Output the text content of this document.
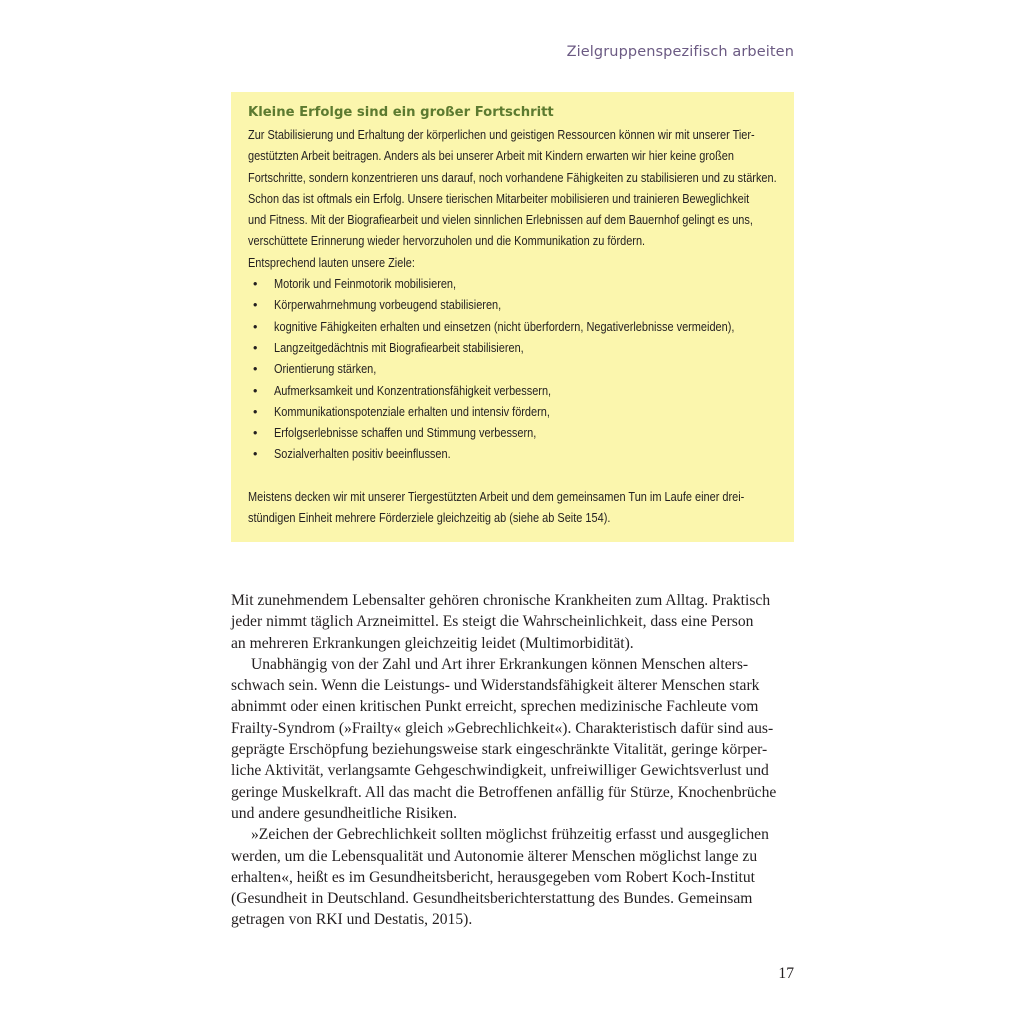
Zielgruppenspezifisch arbeiten
Kleine Erfolge sind ein großer Fortschritt
Zur Stabilisierung und Erhaltung der körperlichen und geistigen Ressourcen können wir mit unserer Tier-
gestützten Arbeit beitragen. Anders als bei unserer Arbeit mit Kindern erwarten wir hier keine großen
Fortschritte, sondern konzentrieren uns darauf, noch vorhandene Fähigkeiten zu stabilisieren und zu stärken.
Schon das ist oftmals ein Erfolg. Unsere tierischen Mitarbeiter mobilisieren und trainieren Beweglichkeit
und Fitness. Mit der Biografiearbeit und vielen sinnlichen Erlebnissen auf dem Bauernhof gelingt es uns,
verschüttete Erinnerung wieder hervorzuholen und die Kommunikation zu fördern.
Entsprechend lauten unsere Ziele:
• Motorik und Feinmotorik mobilisieren,
• Körperwahrnehmung vorbeugend stabilisieren,
• kognitive Fähigkeiten erhalten und einsetzen (nicht überfordern, Negativerlebnisse vermeiden),
• Langzeitgedächtnis mit Biografiearbeit stabilisieren,
• Orientierung stärken,
• Aufmerksamkeit und Konzentrationsfähigkeit verbessern,
• Kommunikationspotenziale erhalten und intensiv fördern,
• Erfolgserlebnisse schaffen und Stimmung verbessern,
• Sozialverhalten positiv beeinflussen.
Meistens decken wir mit unserer Tiergestützten Arbeit und dem gemeinsamen Tun im Laufe einer drei-
stündigen Einheit mehrere Förderziele gleichzeitig ab (siehe ab Seite 154).
Mit zunehmendem Lebensalter gehören chronische Krankheiten zum Alltag. Praktisch
jeder nimmt täglich Arzneimittel. Es steigt die Wahrscheinlichkeit, dass eine Person
an mehreren Erkrankungen gleichzeitig leidet (Multimorbidität).
Unabhängig von der Zahl und Art ihrer Erkrankungen können Menschen alters-
schwach sein. Wenn die Leistungs- und Widerstandsfähigkeit älterer Menschen stark
abnimmt oder einen kritischen Punkt erreicht, sprechen medizinische Fachleute vom
Frailty-Syndrom (»Frailty« gleich »Gebrechlichkeit«). Charakteristisch dafür sind aus-
geprägte Erschöpfung beziehungsweise stark eingeschränkte Vitalität, geringe körper-
liche Aktivität, verlangsamte Gehgeschwindigkeit, unfreiwilliger Gewichtsverlust und
geringe Muskelkraft. All das macht die Betroffenen anfällig für Stürze, Knochenbrüche
und andere gesundheitliche Risiken.
»Zeichen der Gebrechlichkeit sollten möglichst frühzeitig erfasst und ausgeglichen
werden, um die Lebensqualität und Autonomie älterer Menschen möglichst lange zu
erhalten«, heißt es im Gesundheitsbericht, herausgegeben vom Robert Koch-Institut
(Gesundheit in Deutschland. Gesundheitsberichterstattung des Bundes. Gemeinsam
getragen von RKI und Destatis, 2015).
17
